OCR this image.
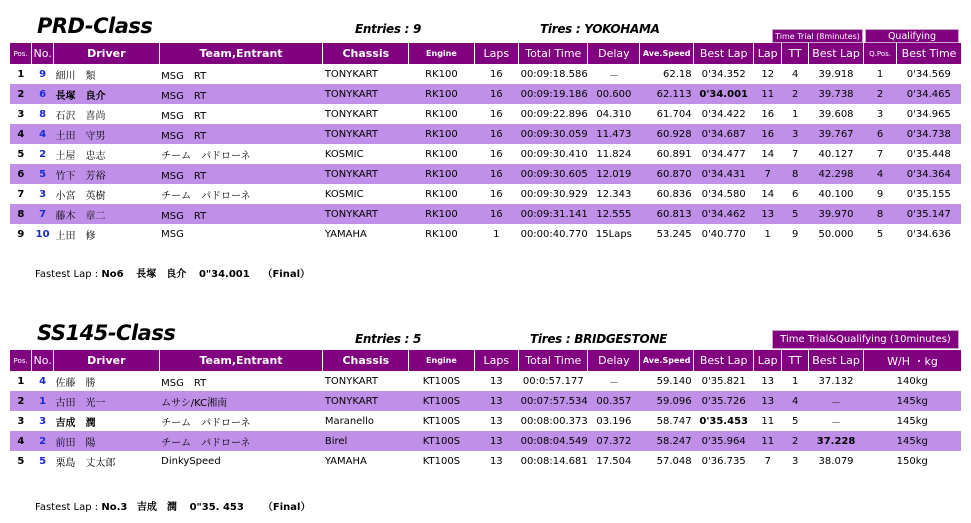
PRD-Class	Entries : 9	Tires : YOKOHAMA
Time Trial (8minutes)	Qualifying
Pos.	No.	Driver	Team,Entrant	Chassis	Engine	Laps	Total Time	Delay	Ave.Speed	Best Lap	Lap	TT	Best Lap	Q.Pos.	Best Time
1	9	細川　類	MSG　RT	TONYKART	RK100	16	00:09:18.586	－	62.18	0'34.352	12	4	39.918	1	0'34.569
2	6	長塚　良介	MSG　RT	TONYKART	RK100	16	00:09:19.186	00.600	62.113	0'34.001	11	2	39.738	2	0'34.465
3	8	石沢　喜尚	MSG　RT	TONYKART	RK100	16	00:09:22.896	04.310	61.704	0'34.422	16	1	39.608	3	0'34.965
4	4	土田　守男	MSG　RT	TONYKART	RK100	16	00:09:30.059	11.473	60.928	0'34.687	16	3	39.767	6	0'34.738
5	2	土屋　忠志	チーム　パドローネ	KOSMIC	RK100	16	00:09:30.410	11.824	60.891	0'34.477	14	7	40.127	7	0'35.448
6	5	竹下　芳裕	MSG　RT	TONYKART	RK100	16	00:09:30.605	12.019	60.870	0'34.431	7	8	42.298	4	0'34.364
7	3	小宮　英樹	チーム　パドローネ	KOSMIC	RK100	16	00:09:30.929	12.343	60.836	0'34.580	14	6	40.100	9	0'35.155
8	7	藤木　章二	MSG　RT	TONYKART	RK100	16	00:09:31.141	12.555	60.813	0'34.462	13	5	39.970	8	0'35.147
9	10	上田　修	MSG	YAMAHA	RK100	1	00:00:40.770	15Laps	53.245	0'40.770	1	9	50.000	5	0'34.636
Fastest Lap : No6 長塚　良介 0"34.001 （Final）
SS145-Class	Entries : 5	Tires : BRIDGESTONE	Time Trial&Qualifying (10minutes)
Pos.	No.	Driver	Team,Entrant	Chassis	Engine	Laps	Total Time	Delay	Ave.Speed	Best Lap	Lap	TT	Best Lap	W/H ・kg
1	4	佐藤　勝	MSG　RT	TONYKART	KT100S	13	00:0:57.177	－	59.140	0'35.821	13	1	37.132	140kg
2	1	古田　光一	ムサシ/KC湘南	TONYKART	KT100S	13	00:07:57.534	00.357	59.096	0'35.726	13	4	－	145kg
3	3	吉成　潤	チーム　パドローネ	Maranello	KT100S	13	00:08:00.373	03.196	58.747	0'35.453	11	5	－	145kg
4	2	前田　陽	チーム　パドローネ	Birel	KT100S	13	00:08:04.549	07.372	58.247	0'35.964	11	2	37.228	145kg
5	5	栗島　丈太郎	DinkySpeed	YAMAHA	KT100S	13	00:08:14.681	17.504	57.048	0'36.735	7	3	38.079	150kg
Fastest Lap : No.3 吉成　潤 0"35. 453 （Final）
